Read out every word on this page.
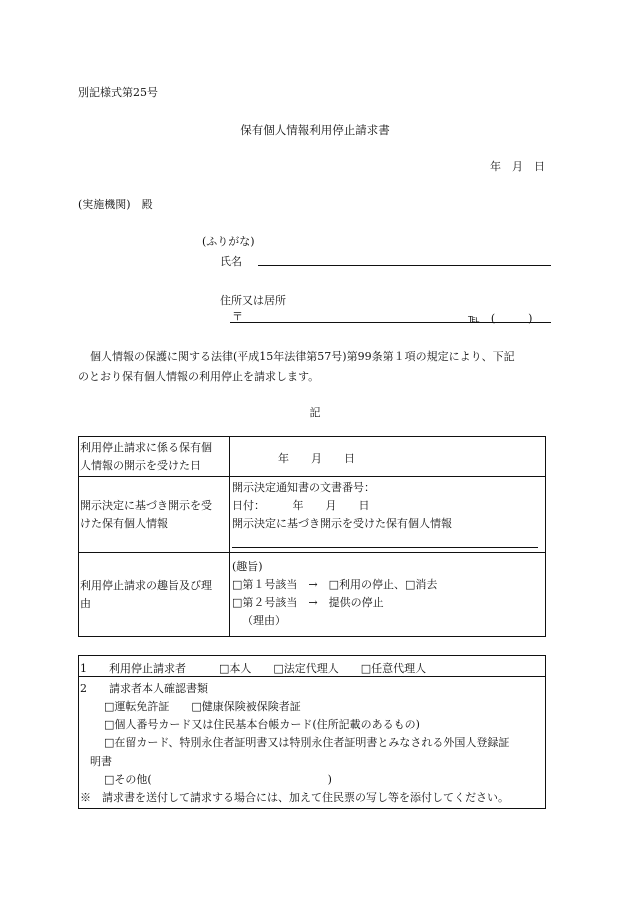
別記様式第25号
保有個人情報利用停止請求書
年　月　日
(実施機関)　殿
(ふりがな)
氏名
住所又は居所
〒	℡　(　　　)
個人情報の保護に関する法律(平成15年法律第57号)第99条第１項の規定により、下記
のとおり保有個人情報の利用停止を請求します。
記
利用停止請求に係る保有個
人情報の開示を受けた日
年　　月　　日
開示決定に基づき開示を受
けた保有個人情報
開示決定通知書の文書番号：
日付：　　　年　　月　　日
開示決定に基づき開示を受けた保有個人情報
利用停止請求の趣旨及び理
由
(趣旨)
□第１号該当　→　□利用の停止、□消去
□第２号該当　→　提供の停止
（理由）
1　　利用停止請求者　　　□本人　　□法定代理人　　□任意代理人
2　　請求者本人確認書類
□運転免許証　　□健康保険被保険者証
□個人番号カード又は住民基本台帳カード(住所記載のあるもの)
□在留カード、特別永住者証明書又は特別永住者証明書とみなされる外国人登録証
明書
□その他(　　　　　　　　　　　　　　　　)
※　請求書を送付して請求する場合には、加えて住民票の写し等を添付してください。
